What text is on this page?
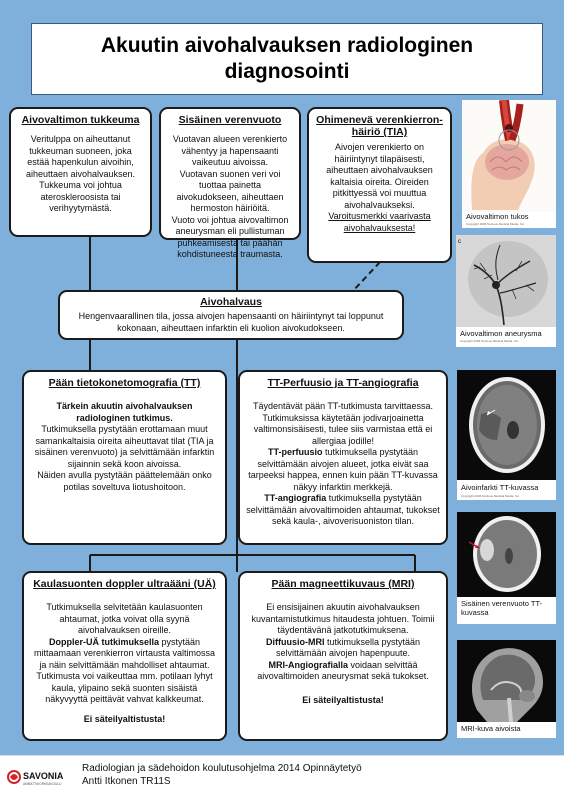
Akuutin aivohalvauksen radiologinen
diagnosointi
Aivovaltimon tukkeuma

Veritulppa on aiheuttanut tukkeuman suoneen, joka estää hapenkulun aivoihin, aiheuttaen aivohalvauksen.

Tukkeuma voi johtua ateroskleroosista tai verihyytymästä.

Sisäinen verenvuoto

Vuotavan alueen verenkierto vähentyy ja hapensaanti vaikeutuu aivoissa.

Vuotavan suonen veri voi tuottaa painetta aivokudokseen, aiheuttaen hermoston häiriöitä.

Vuoto voi johtua aivovaltimon aneurysman eli pullistuman puhkeamisesta tai päähän kohdistuneesta traumasta.

Ohimenevä verenkierron-häiriö (TIA)

Aivojen verenkierto on häiriintynyt tilapäisesti, aiheuttaen aivohalvauksen kaltaisia oireita. Oireiden pitkittyessä voi muuttua aivohalvaukseksi.

Varoitusmerkki vaarivasta aivohalvauksesta!

Aivohalvaus

Hengenvaarallinen tila, jossa aivojen hapensaanti on häiriintynyt tai loppunut kokonaan, aiheuttaen infarktin eli kuolion aivokudokseen.

Pään tietokonetomografia (TT)

Tärkein akuutin aivohalvauksen radiologinen tutkimus.

Tutkimuksella pystytään erottamaan muut samankaltaisia oireita aiheuttavat tilat (TIA ja sisäinen verenvuoto) ja selvittämään infarktin sijainnin sekä koon aivoissa.

Näiden avulla pystytään päättelemään onko potilas soveltuva liotushoitoon.

TT-Perfuusio ja TT-angiografia

Täydentävät pään TT-tutkimusta tarvittaessa. Tutkimuksissa käytetään jodivarjoainetta valtimonsisäisesti, tulee siis varmistaa että ei allergiaa jodille!

TT-perfuusio tutkimuksella pystytään selvittämään aivojen alueet, jotka eivät saa tarpeeksi happea, ennen kuin pään TT-kuvassa näkyy infarktin merkkejä.

TT-angiografia tutkimuksella pystytään selvittämään aivovaltimoiden ahtaumat, tukokset sekä kaula-, aivoverisuoniston tilan.

Kaulasuonten doppler ultraääni (UÄ)

Tutkimuksella selvitetään kaulasuonten ahtaumat, jotka voivat olla syynä aivohalvauksen oireille.

Doppler-UÄ tutkimuksella pystytään mittaamaan verenkierron virtausta valtimossa ja näin selvittämään mahdolliset ahtaumat.

Tutkimusta voi vaikeuttaa mm. potilaan lyhyt kaula, ylipaino sekä suonten sisäistä näkyvyyttä peittävät vahvat kalkkeumat.

Ei säteilyaltistusta!

Pään magneettikuvaus (MRI)

Ei ensisijainen akuutin aivohalvauksen kuvantamistutkimus hitaudesta johtuen. Toimii täydentävänä jatkotutkimuksena.

Diffuusio-MRI tutkimuksella pystytään selvittämään aivojen hapenpuute.

MRI-Angiografialla voidaan selvittää aivovaltimoiden aneurysmat sekä tukokset.

Ei säteilyaltistusta!

Aivovaltimon tukos
Copyright 2006 Nucleus Medical Media, Inc.
c
Aivovaltimon aneurysma
Copyright 2006 Nucleus Medical Media, Inc.
Aivoinfarkti TT-kuvassa
Copyright 2006 Nucleus Medical Media, Inc.
Sisäinen verenvuoto TT-kuvassa
MRI-kuva aivoista
SAVONIA
AMMATTIKORKEAKOULU
Radiologian ja sädehoidon koulutusohjelma 2014 Opinnäytetyö
Antti Itkonen TR11S
